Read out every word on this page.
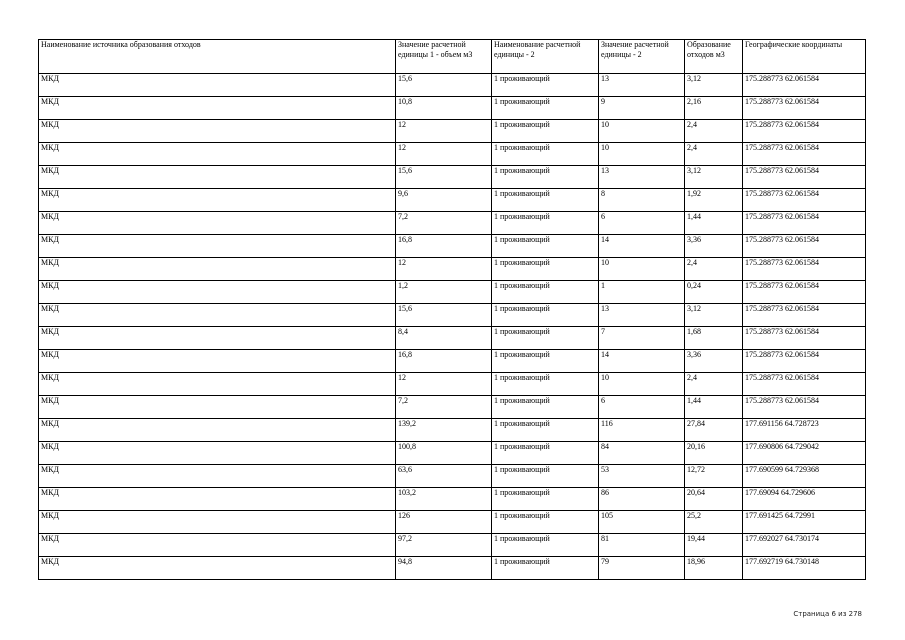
Наименование источника образования отходов	Значение расчетной единицы 1 - объем м3	Наименование расчетной единицы - 2	Значение расчетной единицы - 2	Образование отходов м3	Географические координаты
МКД	15,6	1 проживающий	13	3,12	175.288773 62.061584
МКД	10,8	1 проживающий	9	2,16	175.288773 62.061584
МКД	12	1 проживающий	10	2,4	175.288773 62.061584
МКД	12	1 проживающий	10	2,4	175.288773 62.061584
МКД	15,6	1 проживающий	13	3,12	175.288773 62.061584
МКД	9,6	1 проживающий	8	1,92	175.288773 62.061584
МКД	7,2	1 проживающий	6	1,44	175.288773 62.061584
МКД	16,8	1 проживающий	14	3,36	175.288773 62.061584
МКД	12	1 проживающий	10	2,4	175.288773 62.061584
МКД	1,2	1 проживающий	1	0,24	175.288773 62.061584
МКД	15,6	1 проживающий	13	3,12	175.288773 62.061584
МКД	8,4	1 проживающий	7	1,68	175.288773 62.061584
МКД	16,8	1 проживающий	14	3,36	175.288773 62.061584
МКД	12	1 проживающий	10	2,4	175.288773 62.061584
МКД	7,2	1 проживающий	6	1,44	175.288773 62.061584
МКД	139,2	1 проживающий	116	27,84	177.691156 64.728723
МКД	100,8	1 проживающий	84	20,16	177.690806 64.729042
МКД	63,6	1 проживающий	53	12,72	177.690599 64.729368
МКД	103,2	1 проживающий	86	20,64	177.69094 64.729606
МКД	126	1 проживающий	105	25,2	177.691425 64.72991
МКД	97,2	1 проживающий	81	19,44	177.692027 64.730174
МКД	94,8	1 проживающий	79	18,96	177.692719 64.730148
Страница 6 из 278
